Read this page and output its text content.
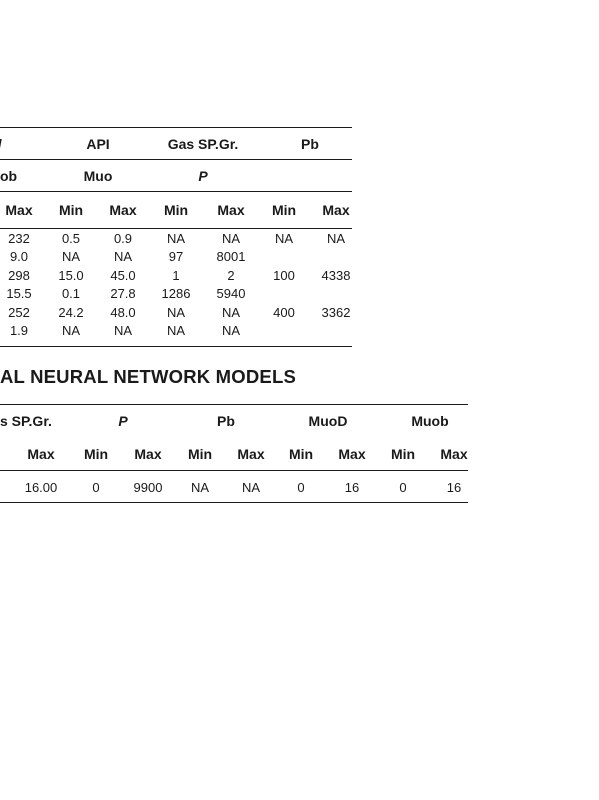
API	Gas SP.Gr.	Pb
ob	Muo	P
Max	Min	Max	Min	Max	Min	Max
232	0.5	0.9	NA	NA	NA	NA
9.0	NA	NA	97	8001
298	15.0	45.0	1	2	100	4338
15.5	0.1	27.8	1286	5940
252	24.2	48.0	NA	NA	400	3362
1.9	NA	NA	NA	NA
AL NEURAL NETWORK MODELS
s SP.Gr.	P	Pb	MuoD	Muob
Max	Min	Max	Min	Max	Min	Max	Min	Max
16.00	0	9900	NA	NA	0	16	0	16
